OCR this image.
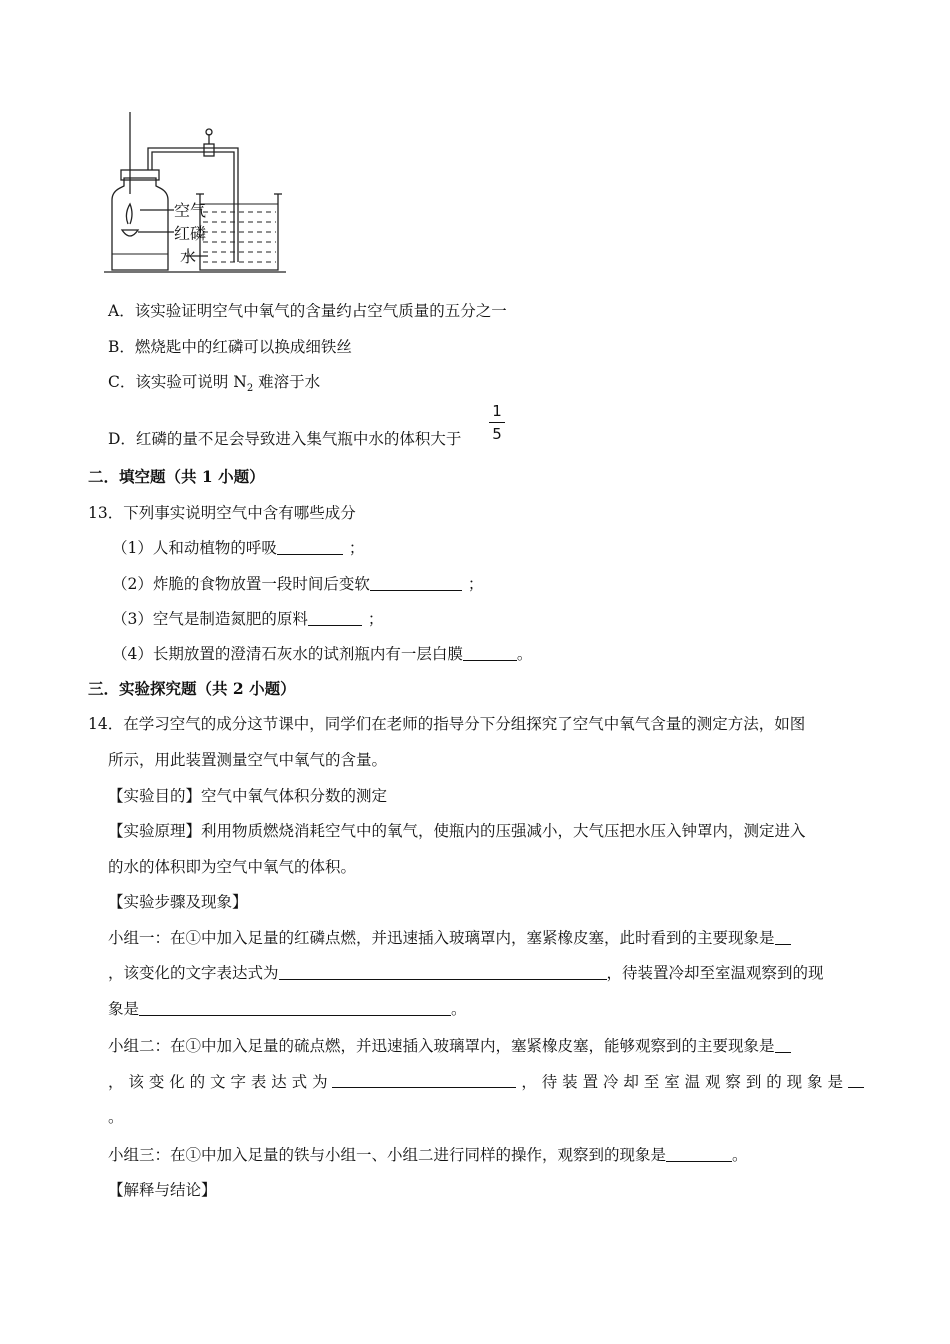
空气
红磷
水
A．该实验证明空气中氧气的含量约占空气质量的五分之一
B．燃烧匙中的红磷可以换成细铁丝
C．该实验可说明 $N_2$ 难溶于水
D．红磷的量不足会导致进入集气瓶中水的体积大于
1
5
二．填空题（共 1 小题）
13．下列事实说明空气中含有哪些成分
（1）人和动植物的呼吸	；
（2）炸脆的食物放置一段时间后变软	；
（3）空气是制造氮肥的原料	；
（4）长期放置的澄清石灰水的试剂瓶内有一层白膜	。
三．实验探究题（共 2 小题）
14．在学习空气的成分这节课中，同学们在老师的指导分下分组探究了空气中氧气含量的测定方法，如图
所示，用此装置测量空气中氧气的含量。
【实验目的】空气中氧气体积分数的测定
【实验原理】利用物质燃烧消耗空气中的氧气，使瓶内的压强减小，大气压把水压入钟罩内，测定进入
的水的体积即为空气中氧气的体积。
【实验步骤及现象】
小组一：在①中加入足量的红磷点燃，并迅速插入玻璃罩内，塞紧橡皮塞，此时看到的主要现象是
，该变化的文字表达式为	，待装置冷却至室温观察到的现
象是	。
小组二：在①中加入足量的硫点燃，并迅速插入玻璃罩内，塞紧橡皮塞，能够观察到的主要现象是
， 该 变 化 的 文 字 表 达 式 为	， 待 装 置 冷 却 至 室 温 观 察 到 的 现 象 是
。
小组三：在①中加入足量的铁与小组一、小组二进行同样的操作，观察到的现象是	。
【解释与结论】
